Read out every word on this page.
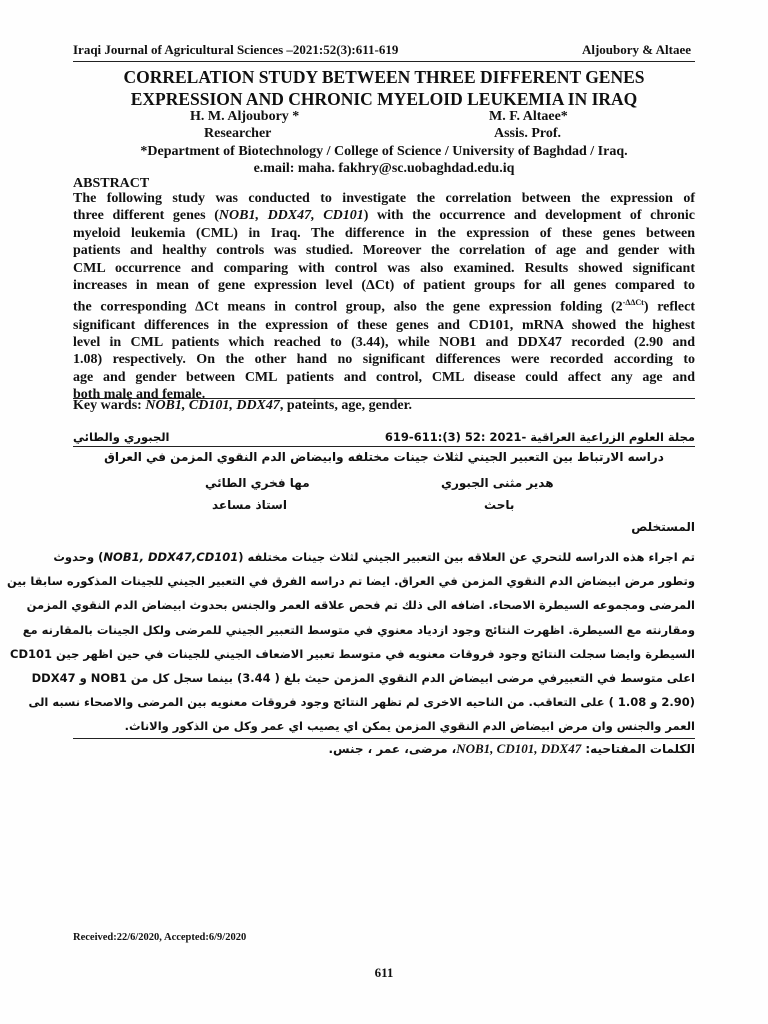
Iraqi Journal of Agricultural Sciences –2021:52(3):611-619	Aljoubory & Altaee
CORRELATION STUDY BETWEEN THREE DIFFERENT GENES
EXPRESSION AND CHRONIC MYELOID LEUKEMIA IN IRAQ
H. M. Aljoubory *	M. F. Altaee*
Researcher	Assis. Prof.
*Department of Biotechnology / College of Science / University of Baghdad / Iraq.
e.mail: maha. fakhry@sc.uobaghdad.edu.iq
ABSTRACT
The following study was conducted to investigate the correlation between the expression of
three different genes (NOB1, DDX47, CD101) with the occurrence and development of chronic
myeloid leukemia (CML) in Iraq. The difference in the expression of these genes between
patients and healthy controls was studied. Moreover the correlation of age and gender with
CML occurrence and comparing with control was also examined. Results showed significant
increases in mean of gene expression level (ΔCt) of patient groups for all genes compared to
the corresponding ΔCt means in control group, also the gene expression folding $(2^{-\Delta\Delta Ct})$ reflect
significant differences in the expression of these genes and CD101, mRNA showed the highest
level in CML patients which reached to (3.44), while NOB1 and DDX47 recorded (2.90 and
1.08) respectively. On the other hand no significant differences were recorded according to
age and gender between CML patients and control, CML disease could affect any age and
both male and female.
Key wards: NOB1, CD101, DDX47, pateints, age, gender.
مجلة العلوم الزراعية العراقية -2021 :52 (3):611-619
الجبوري والطائي
دراسه الارتباط بين التعبير الجيني لثلاث جينات مختلفه وابيضاض الدم النقوي المزمن في العراق
هدير مثنى الجبوري
مها فخري الطائي
باحث
استاذ مساعد
المستخلص
تم اجراء هذه الدراسه للتحري عن العلاقه بين التعبير الجيني لثلاث جينات مختلفه (NOB1, DDX47,CD101) وحدوث
وتطور مرض ابيضاض الدم النقوي المزمن في العراق. ايضا تم دراسه الفرق في التعبير الجيني للجينات المذكوره سابقا بين
المرضى ومجموعه السيطرة الاصحاء. اضافه الى ذلك تم فحص علاقه العمر والجنس بحدوث ابيضاض الدم النقوي المزمن
ومقارنته مع السيطرة. اظهرت النتائج وجود ازدياد معنوي في متوسط التعبير الجيني للمرضى ولكل الجينات بالمقارنه مع
السيطرة وايضا سجلت النتائج وجود فروقات معنويه في متوسط تعبير الاضعاف الجيني للجينات في حين اظهر جين CD101
اعلى متوسط في التعبيرفي مرضى ابيضاض الدم النقوي المزمن حيث بلغ ( 3.44) بينما سجل كل من NOB1 و DDX47
(2.90 و 1.08 ) على التعاقب. من الناحيه الاخرى لم تظهر النتائج وجود فروقات معنويه بين المرضى والاصحاء نسبه الى
العمر والجنس وان مرض ابيضاض الدم النقوي المزمن يمكن اي يصيب اي عمر وكل من الذكور والاناث.
الكلمات المفتاحيه: NOB1, CD101, DDX47، مرضى، عمر ، جنس.
Received:22/6/2020, Accepted:6/9/2020
611
